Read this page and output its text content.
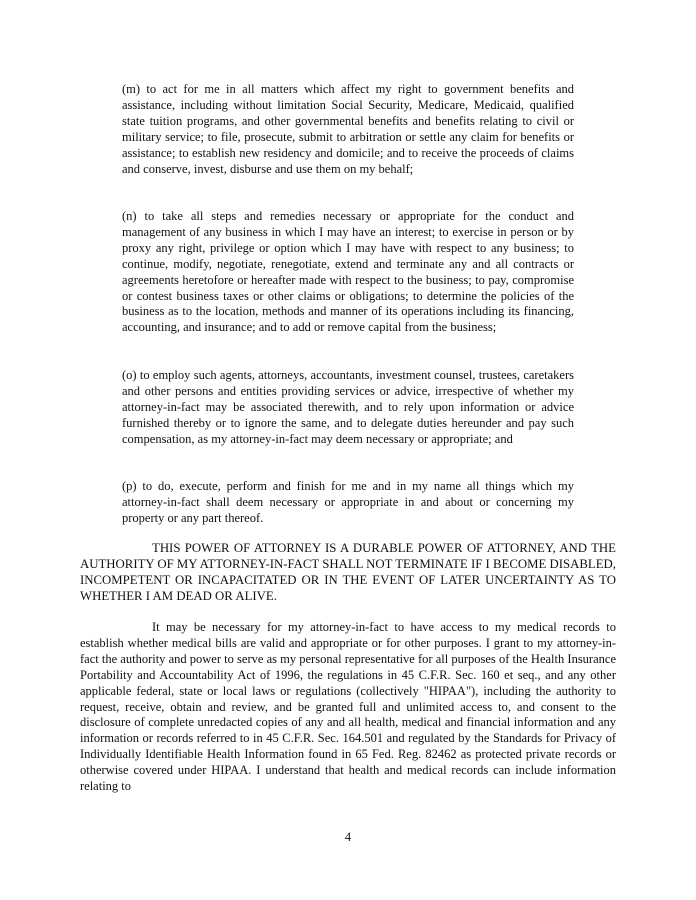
(m) to act for me in all matters which affect my right to government benefits and assistance, including without limitation Social Security, Medicare, Medicaid, qualified state tuition programs, and other governmental benefits and benefits relating to civil or military service; to file, prosecute, submit to arbitration or settle any claim for benefits or assistance; to establish new residency and domicile; and to receive the proceeds of claims and conserve, invest, disburse and use them on my behalf;

(n) to take all steps and remedies necessary or appropriate for the conduct and management of any business in which I may have an interest; to exercise in person or by proxy any right, privilege or option which I may have with respect to any business; to continue, modify, negotiate, renegotiate, extend and terminate any and all contracts or agreements heretofore or hereafter made with respect to the business; to pay, compromise or contest business taxes or other claims or obligations; to determine the policies of the business as to the location, methods and manner of its operations including its financing, accounting, and insurance; and to add or remove capital from the business;

(o) to employ such agents, attorneys, accountants, investment counsel, trustees, caretakers and other persons and entities providing services or advice, irrespective of whether my attorney-in-fact may be associated therewith, and to rely upon information or advice furnished thereby or to ignore the same, and to delegate duties hereunder and pay such compensation, as my attorney-in-fact may deem necessary or appropriate; and

(p) to do, execute, perform and finish for me and in my name all things which my attorney-in-fact shall deem necessary or appropriate in and about or concerning my property or any part thereof.

THIS POWER OF ATTORNEY IS A DURABLE POWER OF ATTORNEY, AND THE AUTHORITY OF MY ATTORNEY-IN-FACT SHALL NOT TERMINATE IF I BECOME DISABLED, INCOMPETENT OR INCAPACITATED OR IN THE EVENT OF LATER UNCERTAINTY AS TO WHETHER I AM DEAD OR ALIVE.

It may be necessary for my attorney-in-fact to have access to my medical records to establish whether medical bills are valid and appropriate or for other purposes. I grant to my attorney-in-fact the authority and power to serve as my personal representative for all purposes of the Health Insurance Portability and Accountability Act of 1996, the regulations in 45 C.F.R. Sec. 160 et seq., and any other applicable federal, state or local laws or regulations (collectively "HIPAA"), including the authority to request, receive, obtain and review, and be granted full and unlimited access to, and consent to the disclosure of complete unredacted copies of any and all health, medical and financial information and any information or records referred to in 45 C.F.R. Sec. 164.501 and regulated by the Standards for Privacy of Individually Identifiable Health Information found in 65 Fed. Reg. 82462 as protected private records or otherwise covered under HIPAA. I understand that health and medical records can include information relating to

4
